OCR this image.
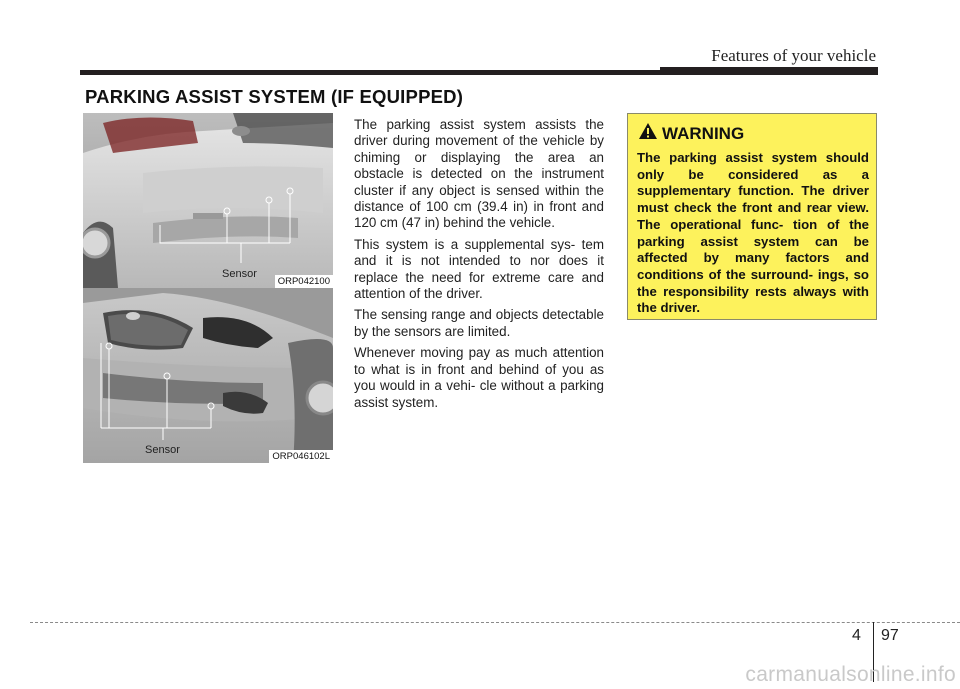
Features of your vehicle
PARKING ASSIST SYSTEM (IF EQUIPPED)
Sensor
ORP042100
Sensor
ORP046102L

The parking assist system assists the driver during movement of the vehicle by chiming or displaying the area an obstacle is detected on the instrument cluster if any object is sensed within the distance of 100 cm (39.4 in) in front and 120 cm (47 in) behind the vehicle.

This system is a supplemental sys- tem and it is not intended to nor does it replace the need for extreme care and attention of the driver.

The sensing range and objects detectable by the sensors are limited.

Whenever moving pay as much attention to what is in front and behind of you as you would in a vehi- cle without a parking assist system.

WARNING
The parking assist system should only be considered as a supplementary function. The driver must check the front and rear view. The operational func- tion of the parking assist system can be affected by many factors and conditions of the surround- ings, so the responsibility rests always with the driver.
4 97
carmanualsonline.info
